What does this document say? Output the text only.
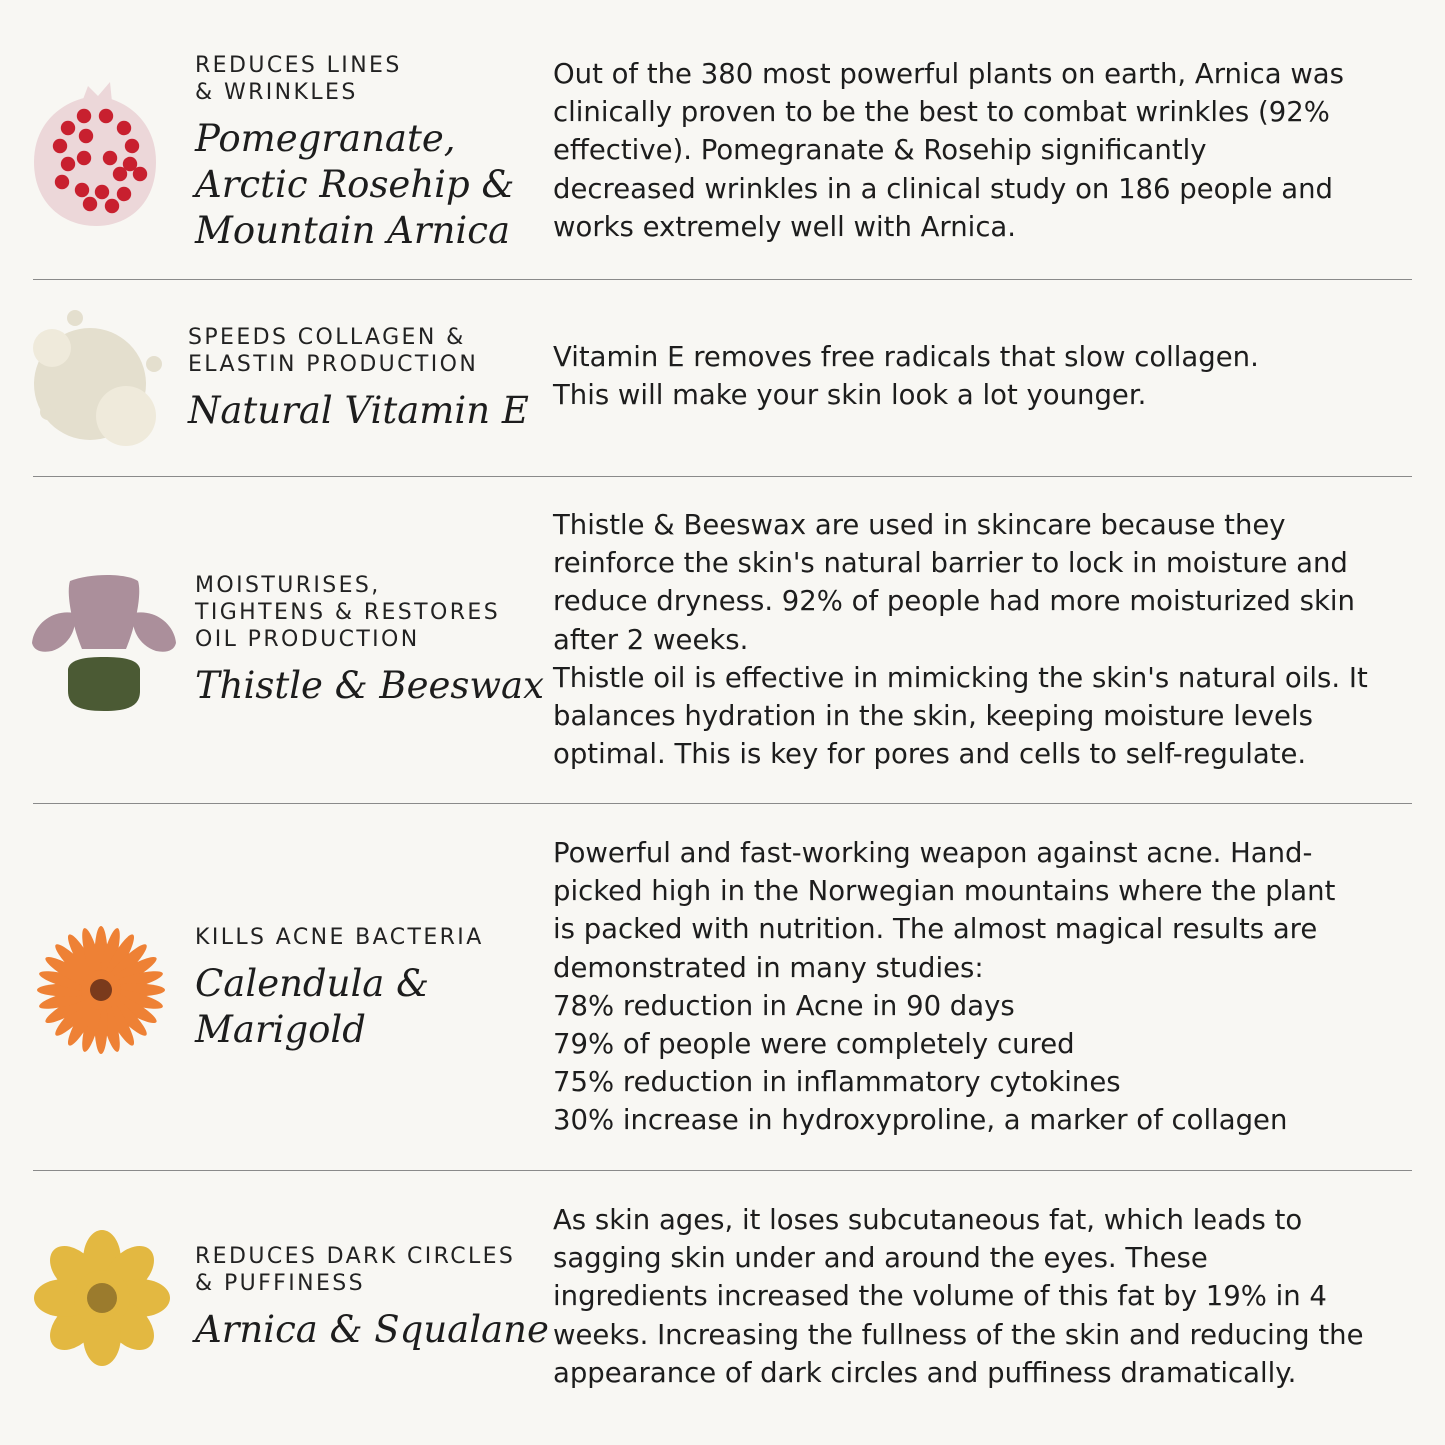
REDUCES LINES
& WRINKLES
Pomegranate,
Arctic Rosehip &
Mountain Arnica
Out of the 380 most powerful plants on earth, Arnica was
clinically proven to be the best to combat wrinkles (92%
effective). Pomegranate & Rosehip significantly
decreased wrinkles in a clinical study on 186 people and
works extremely well with Arnica.
SPEEDS COLLAGEN &
ELASTIN PRODUCTION
Natural Vitamin E
Vitamin E removes free radicals that slow collagen.
This will make your skin look a lot younger.
MOISTURISES,
TIGHTENS & RESTORES
OIL PRODUCTION
Thistle & Beeswax
Thistle & Beeswax are used in skincare because they
reinforce the skin's natural barrier to lock in moisture and
reduce dryness. 92% of people had more moisturized skin
after 2 weeks.
Thistle oil is effective in mimicking the skin's natural oils. It
balances hydration in the skin, keeping moisture levels
optimal. This is key for pores and cells to self-regulate.
KILLS ACNE BACTERIA
Calendula &
Marigold
Powerful and fast-working weapon against acne. Hand-
picked high in the Norwegian mountains where the plant
is packed with nutrition. The almost magical results are
demonstrated in many studies:
78% reduction in Acne in 90 days
79% of people were completely cured
75% reduction in inflammatory cytokines
30% increase in hydroxyproline, a marker of collagen
REDUCES DARK CIRCLES
& PUFFINESS
Arnica & Squalane
As skin ages, it loses subcutaneous fat, which leads to
sagging skin under and around the eyes. These
ingredients increased the volume of this fat by 19% in 4
weeks. Increasing the fullness of the skin and reducing the
appearance of dark circles and puffiness dramatically.
